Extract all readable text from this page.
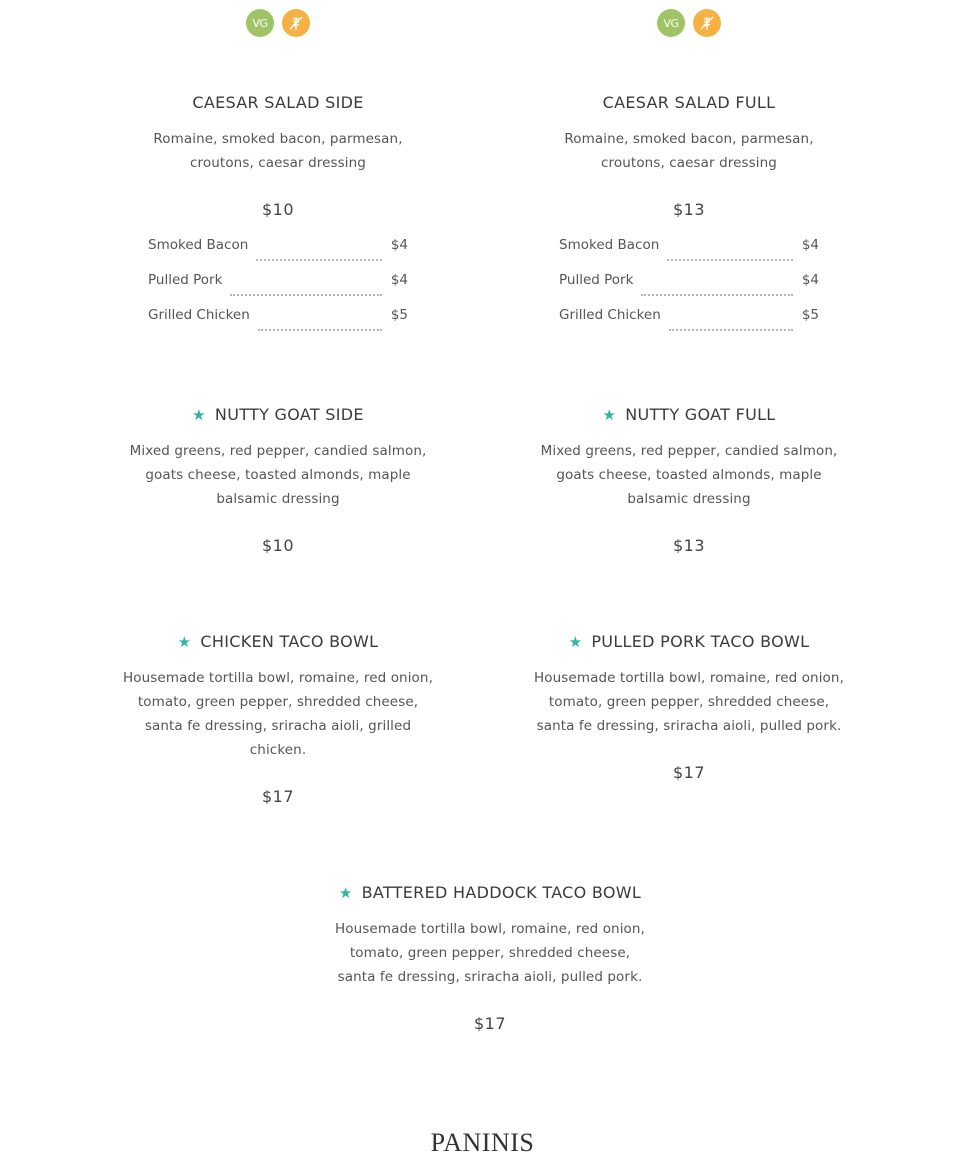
VG	VG
CAESAR SALAD SIDE
Romaine, smoked bacon, parmesan, croutons, caesar dressing
$10
Smoked Bacon	$4
Pulled Pork	$4
Grilled Chicken	$5
CAESAR SALAD FULL
Romaine, smoked bacon, parmesan, croutons, caesar dressing
$13
Smoked Bacon	$4
Pulled Pork	$4
Grilled Chicken	$5
★ NUTTY GOAT SIDE
Mixed greens, red pepper, candied salmon, goats cheese, toasted almonds, maple balsamic dressing
$10
★ NUTTY GOAT FULL
Mixed greens, red pepper, candied salmon, goats cheese, toasted almonds, maple balsamic dressing
$13
★ CHICKEN TACO BOWL
Housemade tortilla bowl, romaine, red onion, tomato, green pepper, shredded cheese, santa fe dressing, sriracha aioli, grilled chicken.
$17
★ PULLED PORK TACO BOWL
Housemade tortilla bowl, romaine, red onion, tomato, green pepper, shredded cheese, santa fe dressing, sriracha aioli, pulled pork.
$17
★ BATTERED HADDOCK TACO BOWL
Housemade tortilla bowl, romaine, red onion, tomato, green pepper, shredded cheese, santa fe dressing, sriracha aioli, pulled pork.
$17
PANINIS
